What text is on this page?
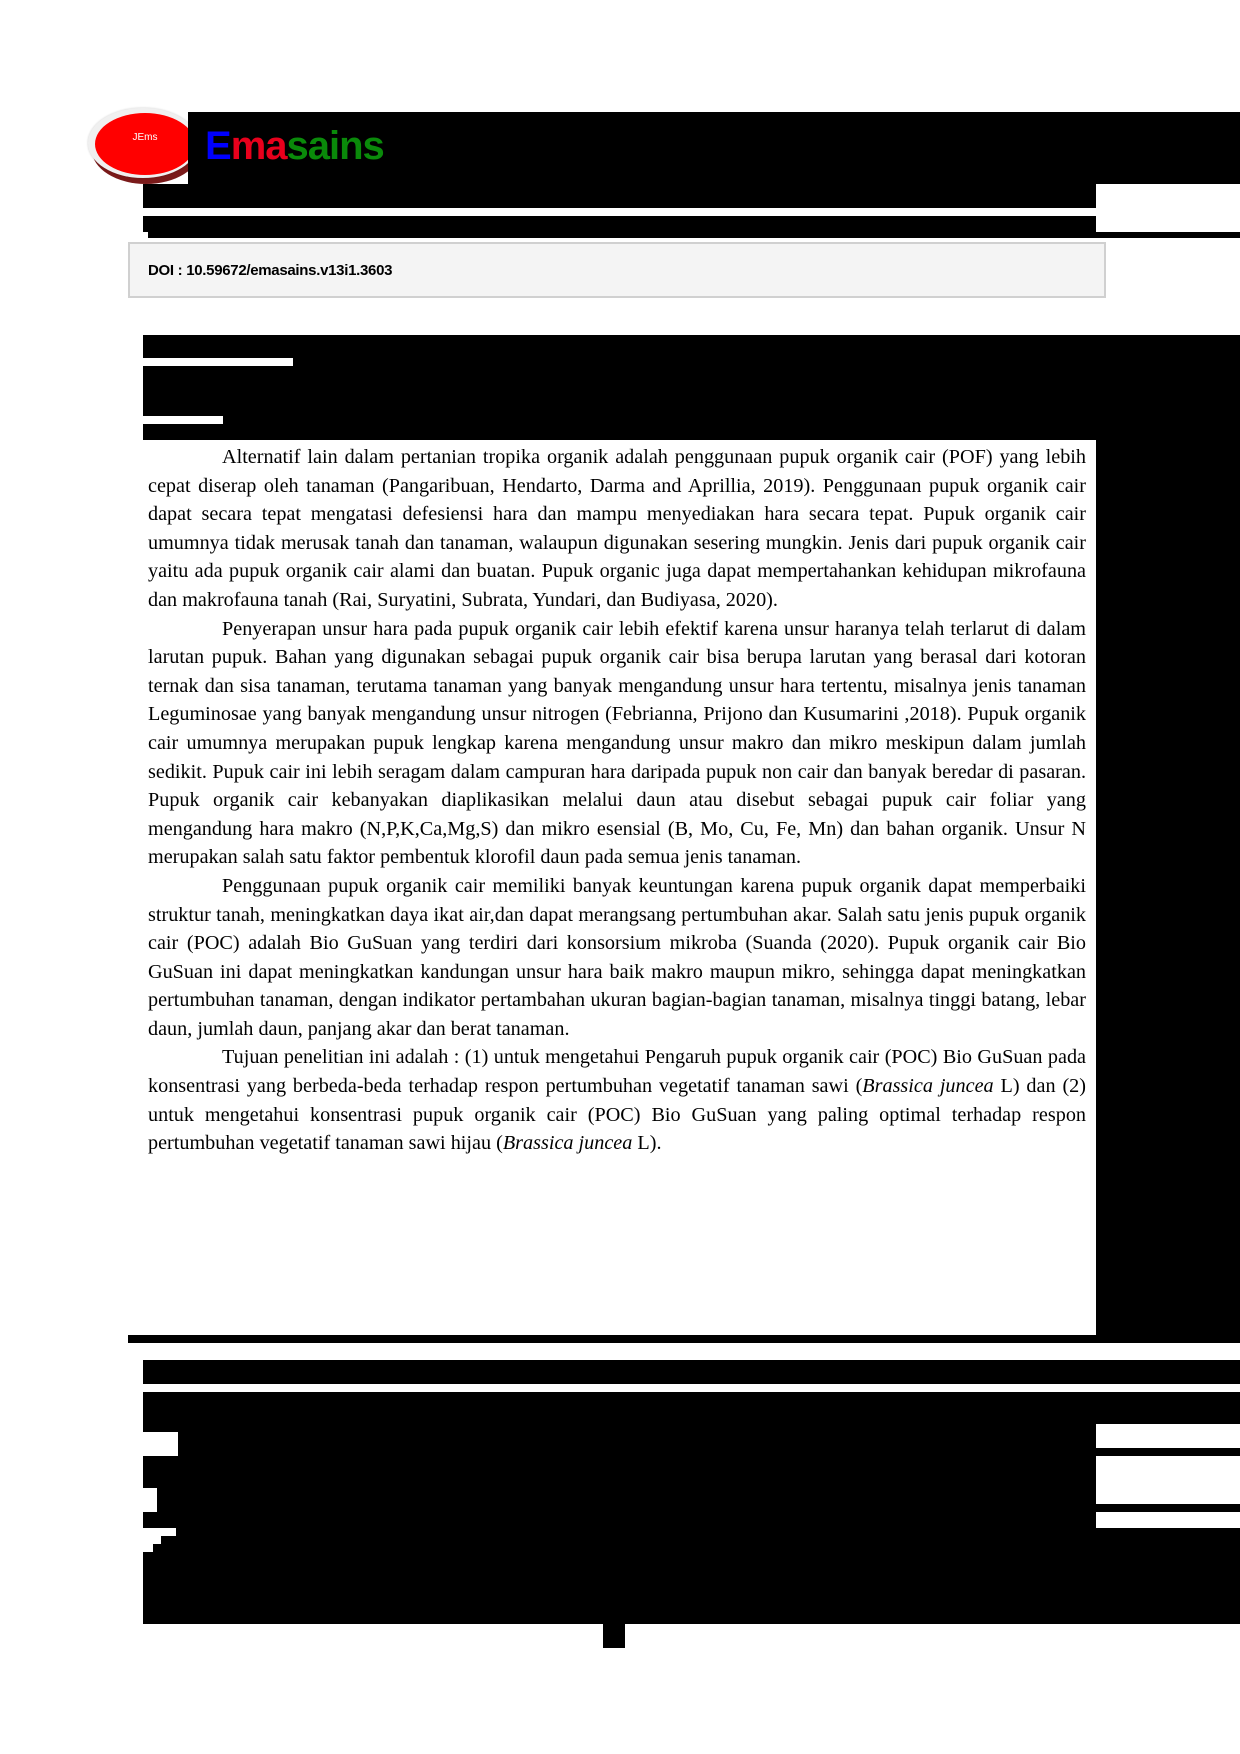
JEms Emasains
DOI : 10.59672/emasains.v13i1.3603

Alternatif lain dalam pertanian tropika organik adalah penggunaan pupuk organik cair (POF) yang lebih cepat diserap oleh tanaman (Pangaribuan, Hendarto, Darma and Aprillia, 2019). Penggunaan pupuk organik cair dapat secara tepat mengatasi defesiensi hara dan mampu menyediakan hara secara tepat. Pupuk organik cair umumnya tidak merusak tanah dan tanaman, walaupun digunakan sesering mungkin. Jenis dari pupuk organik cair yaitu ada pupuk organik cair alami dan buatan. Pupuk organic juga dapat mempertahankan kehidupan mikrofauna dan makrofauna tanah (Rai, Suryatini, Subrata, Yundari, dan Budiyasa, 2020).

Penyerapan unsur hara pada pupuk organik cair lebih efektif karena unsur haranya telah terlarut di dalam larutan pupuk. Bahan yang digunakan sebagai pupuk organik cair bisa berupa larutan yang berasal dari kotoran ternak dan sisa tanaman, terutama tanaman yang banyak mengandung unsur hara tertentu, misalnya jenis tanaman Leguminosae yang banyak mengandung unsur nitrogen (Febrianna, Prijono dan Kusumarini ,2018). Pupuk organik cair umumnya merupakan pupuk lengkap karena mengandung unsur makro dan mikro meskipun dalam jumlah sedikit. Pupuk cair ini lebih seragam dalam campuran hara daripada pupuk non cair dan banyak beredar di pasaran. Pupuk organik cair kebanyakan diaplikasikan melalui daun atau disebut sebagai pupuk cair foliar yang mengandung hara makro (N,P,K,Ca,Mg,S) dan mikro esensial (B, Mo, Cu, Fe, Mn) dan bahan organik. Unsur N merupakan salah satu faktor pembentuk klorofil daun pada semua jenis tanaman.

Penggunaan pupuk organik cair memiliki banyak keuntungan karena pupuk organik dapat memperbaiki struktur tanah, meningkatkan daya ikat air,dan dapat merangsang pertumbuhan akar. Salah satu jenis pupuk organik cair (POC) adalah Bio GuSuan yang terdiri dari konsorsium mikroba (Suanda (2020). Pupuk organik cair Bio GuSuan ini dapat meningkatkan kandungan unsur hara baik makro maupun mikro, sehingga dapat meningkatkan pertumbuhan tanaman, dengan indikator pertambahan ukuran bagian-bagian tanaman, misalnya tinggi batang, lebar daun, jumlah daun, panjang akar dan berat tanaman.

Tujuan penelitian ini adalah : (1) untuk mengetahui Pengaruh pupuk organik cair (POC) Bio GuSuan pada konsentrasi yang berbeda-beda terhadap respon pertumbuhan vegetatif tanaman sawi (Brassica juncea L) dan (2) untuk mengetahui konsentrasi pupuk organik cair (POC) Bio GuSuan yang paling optimal terhadap respon pertumbuhan vegetatif tanaman sawi hijau (Brassica juncea L).
